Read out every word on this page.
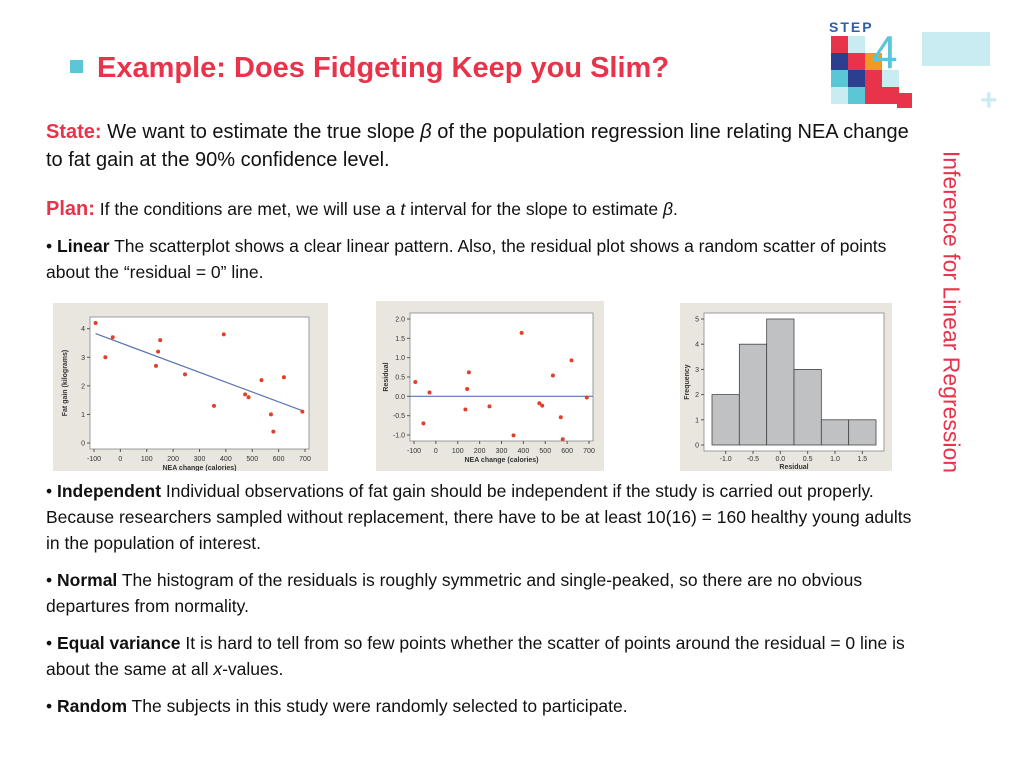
Example: Does Fidgeting Keep you Slim?
STEP
4
+
Inference for Linear Regression
State: We want to estimate the true slope β of the population regression line relating NEA change to fat gain at the 90% confidence level.
Plan: If the conditions are met, we will use a t interval for the slope to estimate β.
• Linear The scatterplot shows a clear linear pattern. Also, the residual plot shows a random scatter of points about the “residual = 0” line.
-100 0	100 200 300 400 500 600 700
0
1
2
3
4
NEA change (calories)
Fat gain (kilograms)
-100 0 100 200 300 400 500 600 700
-1.0
-0.5
0.0
0.5
1.0
1.5
2.0
NEA change (calories)
Residual
-1.0 -0.5 0.0	0.5	1.0	1.5
0
1
2
3
4
5
Residual
Frequency
• Independent Individual observations of fat gain should be independent if the study is carried out properly. Because researchers sampled without replacement, there have to be at least 10(16) = 160 healthy young adults in the population of interest.
• Normal The histogram of the residuals is roughly symmetric and single-peaked, so there are no obvious departures from normality.
• Equal variance It is hard to tell from so few points whether the scatter of points around the residual = 0 line is about the same at all x-values.
• Random The subjects in this study were randomly selected to participate.
